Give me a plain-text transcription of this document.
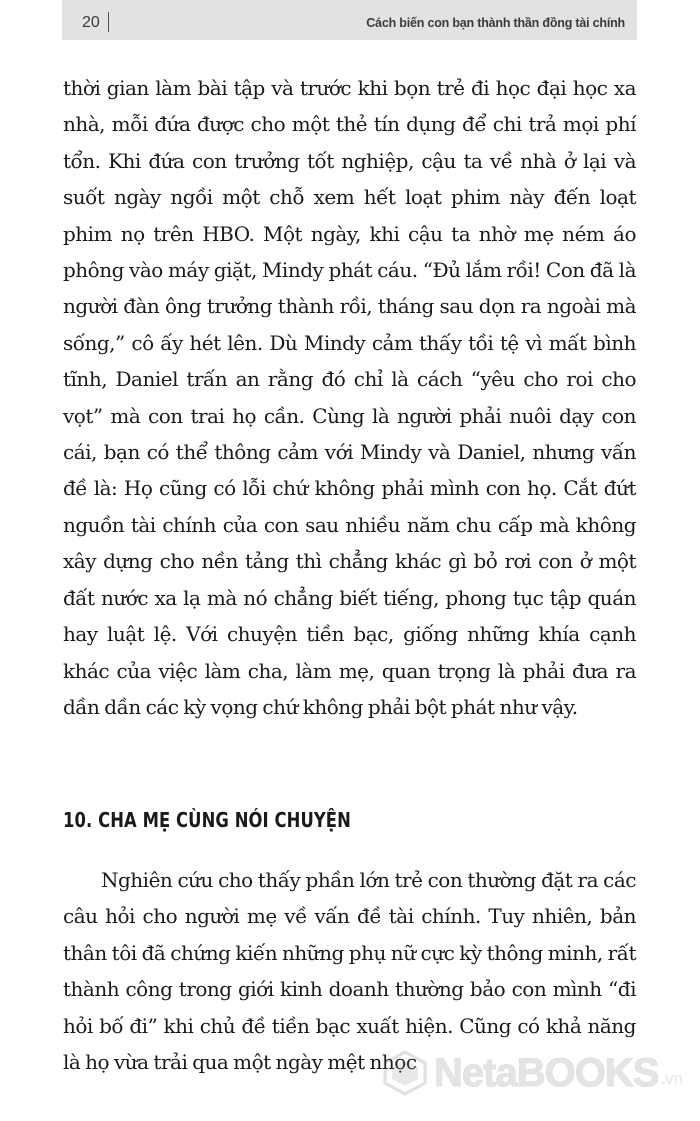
20	Cách biến con bạn thành thần đồng tài chính

thời gian làm bài tập và trước khi bọn trẻ đi học đại học xa nhà, mỗi đứa được cho một thẻ tín dụng để chi trả mọi phí tổn. Khi đứa con trưởng tốt nghiệp, cậu ta về nhà ở lại và suốt ngày ngồi một chỗ xem hết loạt phim này đến loạt phim nọ trên HBO. Một ngày, khi cậu ta nhờ mẹ ném áo phông vào máy giặt, Mindy phát cáu. “Đủ lắm rồi! Con đã là người đàn ông trưởng thành rồi, tháng sau dọn ra ngoài mà sống,” cô ấy hét lên. Dù Mindy cảm thấy tồi tệ vì mất bình tĩnh, Daniel trấn an rằng đó chỉ là cách “yêu cho roi cho vọt” mà con trai họ cần. Cùng là người phải nuôi dạy con cái, bạn có thể thông cảm với Mindy và Daniel, nhưng vấn đề là: Họ cũng có lỗi chứ không phải mình con họ. Cắt đứt nguồn tài chính của con sau nhiều năm chu cấp mà không xây dựng cho nền tảng thì chẳng khác gì bỏ rơi con ở một đất nước xa lạ mà nó chẳng biết tiếng, phong tục tập quán hay luật lệ. Với chuyện tiền bạc, giống những khía cạnh khác của việc làm cha, làm mẹ, quan trọng là phải đưa ra dần dần các kỳ vọng chứ không phải bột phát như vậy.

10. CHA MẸ CÙNG NÓI CHUYỆN

Nghiên cứu cho thấy phần lớn trẻ con thường đặt ra các câu hỏi cho người mẹ về vấn đề tài chính. Tuy nhiên, bản thân tôi đã chứng kiến những phụ nữ cực kỳ thông minh, rất thành công trong giới kinh doanh thường bảo con mình “đi hỏi bố đi” khi chủ đề tiền bạc xuất hiện. Cũng có khả năng là họ vừa trải qua một ngày mệt nhọc NetaBOOKS .vn
